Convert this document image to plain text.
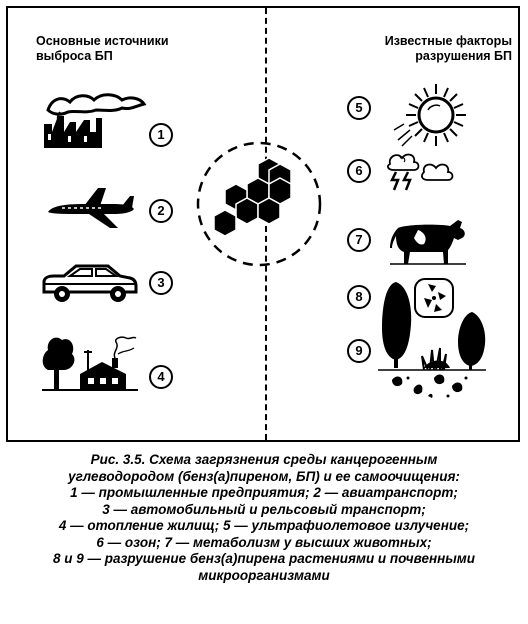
Основные источники
выброса БП
Известные факторы
разрушения БП
1
2
3
4
5
6
7
8
9
Рис. 3.5. Схема загрязнения среды канцерогенным
углеводородом (бенз(а)пиреном, БП) и ее самоочищения:
1 — промышленные предприятия; 2 — авиатранспорт;
3 — автомобильный и рельсовый транспорт;
4 — отопление жилищ; 5 — ультрафиолетовое излучение;
6 — озон; 7 — метаболизм у высших животных;
8 и 9 — разрушение бенз(а)пирена растениями и почвенными
микроорганизмами
